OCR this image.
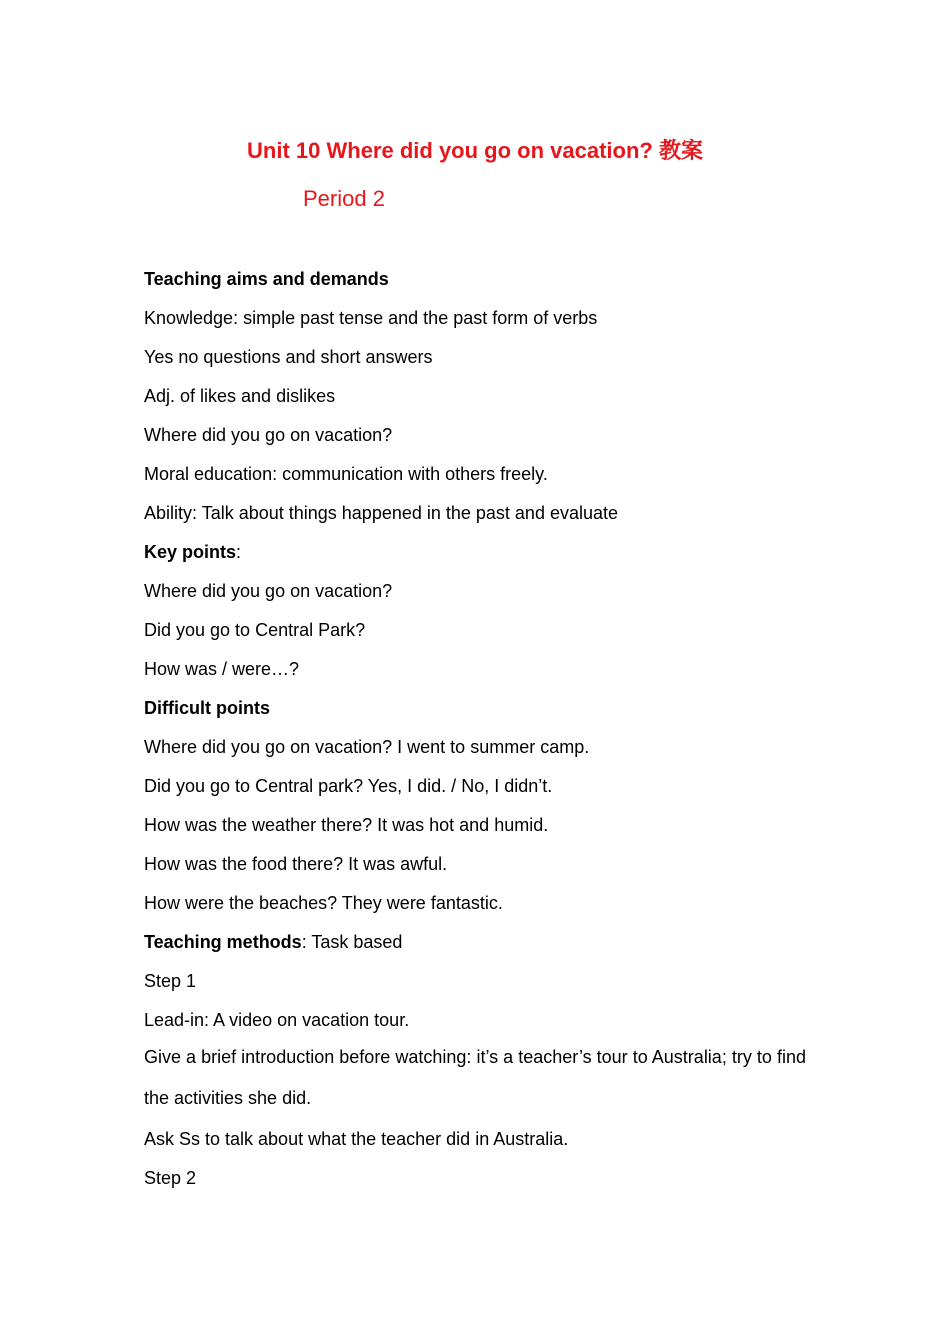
Unit 10 Where did you go on vacation? 教案
Period 2
Teaching aims and demands
Knowledge: simple past tense and the past form of verbs
Yes no questions and short answers
Adj. of likes and dislikes
Where did you go on vacation?
Moral education: communication with others freely.
Ability: Talk about things happened in the past and evaluate
Key points:
Where did you go on vacation?
Did you go to Central Park?
How was / were…?
Difficult points
Where did you go on vacation? I went to summer camp.
Did you go to Central park? Yes, I did. / No, I didn’t.
How was the weather there? It was hot and humid.
How was the food there? It was awful.
How were the beaches? They were fantastic.
Teaching methods: Task based
Step 1
Lead-in: A video on vacation tour.
Give a brief introduction before watching: it’s a teacher’s tour to Australia; try to find the activities she did.
Ask Ss to talk about what the teacher did in Australia.
Step 2
